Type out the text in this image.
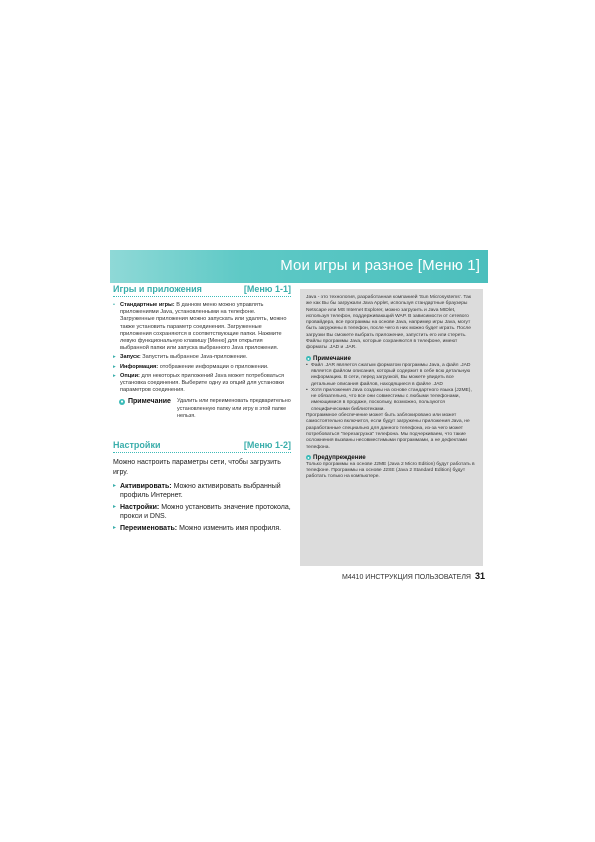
Мои игры и разное [Меню 1]
Игры и приложения	[Меню 1-1]
• Стандартные игры: В данном меню можно управлять приложениями Java, установленными на телефоне. Загруженные приложения можно запускать или удалять, можно также установить параметр соединения. Загруженные приложения сохраняются в соответствующие папки. Нажмите левую функциональную клавишу [Меню] для открытия выбранной папки или запуска выбранного Java приложения.
▸ Запуск: Запустить выбранное Java-приложение.
▸ Информация: отображение информации о приложении.
▸ Опции: для некоторых приложений Java может потребоваться установка соединения. Выберите одну из опций для установки параметров соединения.
● Примечание Удалить или переименовать предварительно установленную папку или игру в этой папке нельзя.
Настройки	[Меню 1-2]
Можно настроить параметры сети, чтобы загрузить игру.
▸ Активировать: Можно активировать выбранный профиль Интернет.
▸ Настройки: Можно установить значение протокола, прокси и DNS.
▸ Переименовать: Можно изменить имя профиля.
Java - это технология, разработанная компанией 'Sun Microsystems'. Так же как Вы бы загружали Java Applet, используя стандартные браузеры Netscape или MS Internet Explorer, можно загрузить и Java MIDlet, используя телефон, поддерживающий WAP. В зависимости от сетевого провайдера, все программы на основе Java, например игры Java, могут быть загружены в телефон, после чего в них можно будет играть. После загрузки Вы сможете выбрать приложение, запустить его или стереть. Файлы программы Java, которые сохраняются в телефоне, имеют форматы .JAD и .JAR.
● Примечание
• Файл .JAR является сжатым форматом программы Java, а файл .JAD является файлом описания, который содержит в себе всю детальную информацию. В сети, перед загрузкой, Вы можете увидеть все детальные описания файлов, находящиеся в файле .JAD
• Хотя приложения Java созданы на основе стандартного языка (J2ME), не обязательно, что все они совместимы с любыми телефонами, имеющимися в продаже, поскольку, возможно, пользуются специфическими библиотеками.
Программное обеспечение может быть заблокировано или может самостоятельно включится, если будут загружены приложения Java, не разработанные специально для данного телефона, из-за чего может потребоваться "перезагрузка" телефона. Мы подчеркиваем, что такие осложнения вызваны несовместимыми программами, а не дефектами телефона.
● Предупреждение
Только программы на основе J2ME (Java 2 Micro Edition) будут работать в телефоне. Программы на основе J2SE (Java 2 Standard Edition) будут работать только на компьютере.
M4410 ИНСТРУКЦИЯ ПОЛЬЗОВАТЕЛЯ 31
